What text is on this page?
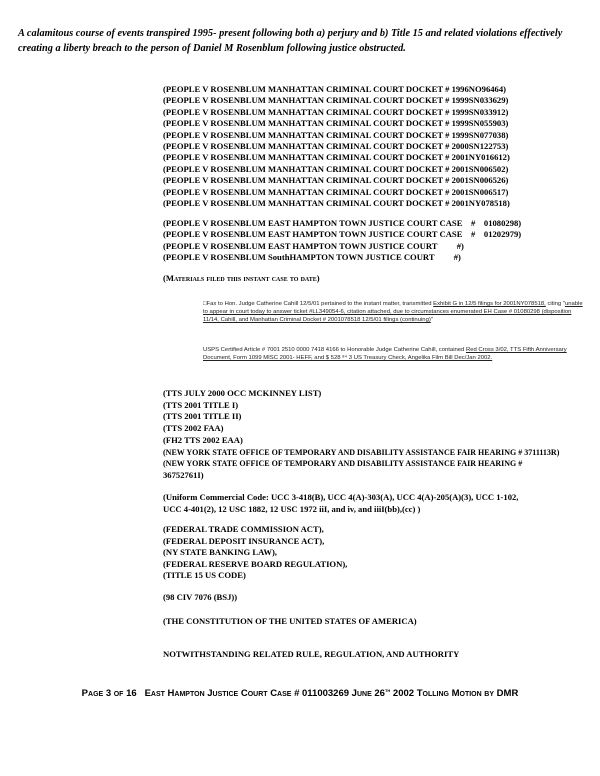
A calamitous course of events transpired 1995- present following both a) perjury and b) Title 15 and related violations effectively creating a liberty breach to the person of Daniel M Rosenblum following justice obstructed.
(PEOPLE V ROSENBLUM MANHATTAN CRIMINAL COURT DOCKET # 1996NO96464)
(PEOPLE V ROSENBLUM MANHATTAN CRIMINAL COURT DOCKET # 1999SN033629)
(PEOPLE V ROSENBLUM MANHATTAN CRIMINAL COURT DOCKET # 1999SN033912)
(PEOPLE V ROSENBLUM MANHATTAN CRIMINAL COURT DOCKET # 1999SN055903)
(PEOPLE V ROSENBLUM MANHATTAN CRIMINAL COURT DOCKET # 1999SN077038)
(PEOPLE V ROSENBLUM MANHATTAN CRIMINAL COURT DOCKET # 2000SN122753)
(PEOPLE V ROSENBLUM MANHATTAN CRIMINAL COURT DOCKET # 2001NY016612)
(PEOPLE V ROSENBLUM MANHATTAN CRIMINAL COURT DOCKET # 2001SN006502)
(PEOPLE V ROSENBLUM MANHATTAN CRIMINAL COURT DOCKET # 2001SN006526)
(PEOPLE V ROSENBLUM MANHATTAN CRIMINAL COURT DOCKET # 2001SN006517)
(PEOPLE V ROSENBLUM MANHATTAN CRIMINAL COURT DOCKET # 2001NY078518)
(PEOPLE V ROSENBLUM EAST HAMPTON TOWN JUSTICE COURT CASE    #    01080298)
(PEOPLE V ROSENBLUM EAST HAMPTON TOWN JUSTICE COURT CASE    #    01202979)
(PEOPLE V ROSENBLUM EAST HAMPTON TOWN JUSTICE COURT         #)
(PEOPLE V ROSENBLUM SouthHAMPTON TOWN JUSTICE COURT         #)
(Materials filed this instant case to date)
□Fax to Hon. Judge Catherine Cahill 12/5/01 pertained to the instant matter, transmitted Exhibit G in 12/5 filings for 2001NY078518, citing "unable to appear in court today to answer ticket #LL349054-6, citation attached, due to circumstances enumerated EH Case # 01080298 (disposition 11/14, Cahill, and Manhattan Criminal Docket # 2001078518 12/5/01 filings (continuing)"
USPS Certified Article # 7001 2510 0000 7418 4166 to Honorable Judge Catherine Cahill, contained Red Cross 3/02, TTS Fifth Anniversary Document, Form 1099 MISC 2001- HEFF, and $ 528 ⁸⁴ 3 US Treasury Check, Angelika Film Bill Dec/Jan 2002.
(TTS JULY 2000 OCC MCKINNEY LIST)
(TTS 2001 TITLE I)
(TTS 2001 TITLE II)
(TTS 2002 FAA)
(FH2 TTS 2002 EAA)
(NEW YORK STATE OFFICE OF TEMPORARY AND DISABILITY ASSISTANCE FAIR HEARING # 3711113R)
(NEW YORK STATE OFFICE OF TEMPORARY AND DISABILITY ASSISTANCE FAIR HEARING #
36752761I)
(Uniform Commercial Code: UCC 3-418(B), UCC 4(A)-303(A), UCC 4(A)-205(A)(3), UCC 1-102,
UCC 4-401(2), 12 USC 1882, 12 USC 1972 iiI, and iv, and iiiI(bb),(cc) )
(FEDERAL TRADE COMMISSION ACT),
(FEDERAL DEPOSIT INSURANCE ACT),
(NY STATE BANKING LAW),
(FEDERAL RESERVE BOARD REGULATION),
(TITLE 15 US CODE)
(98 CIV 7076 (BSJ))
(THE CONSTITUTION OF THE UNITED STATES OF AMERICA)
NOTWITHSTANDING RELATED RULE, REGULATION, AND AUTHORITY
Page 3 of 16   East Hampton Justice Court Case # 011003269 June 26th 2002 Tolling Motion by DMR
